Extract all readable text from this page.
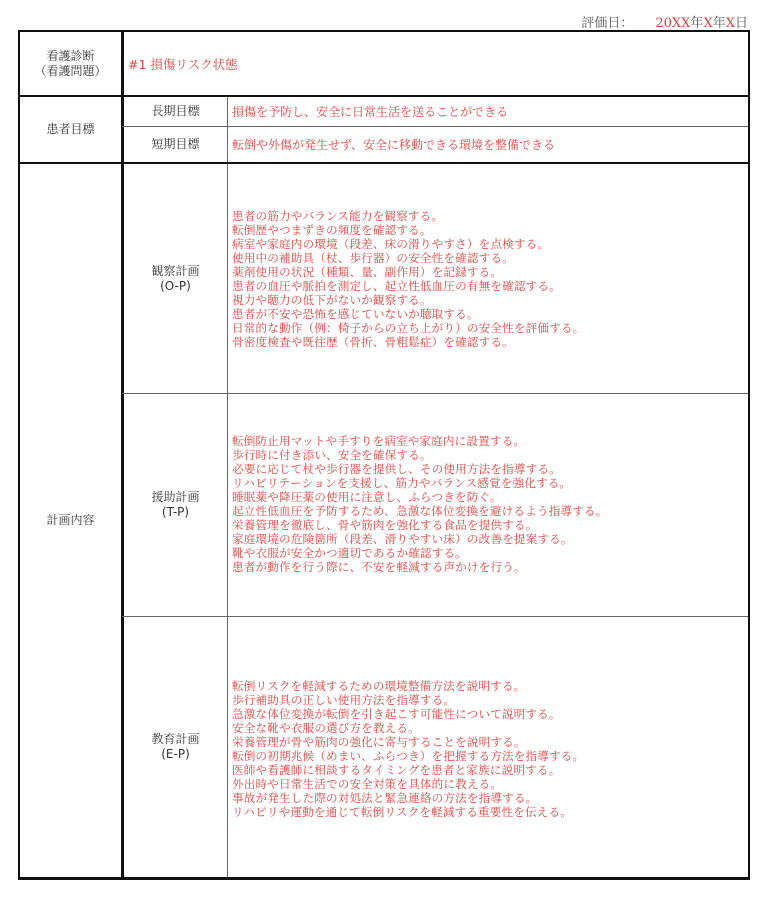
評価日： 20XX年X年X日
看護診断
（看護問題） #1 損傷リスク状態
患者目標
長期目標	損傷を予防し、安全に日常生活を送ることができる
短期目標	転倒や外傷が発生せず、安全に移動できる環境を整備できる
計画内容
観察計画
(O-P)
患者の筋力やバランス能力を観察する。
転倒歴やつまずきの頻度を確認する。
病室や家庭内の環境（段差、床の滑りやすさ）を点検する。
使用中の補助具（杖、歩行器）の安全性を確認する。
薬剤使用の状況（種類、量、副作用）を記録する。
患者の血圧や脈拍を測定し、起立性低血圧の有無を確認する。
視力や聴力の低下がないか観察する。
患者が不安や恐怖を感じていないか聴取する。
日常的な動作（例：椅子からの立ち上がり）の安全性を評価する。
骨密度検査や既往歴（骨折、骨粗鬆症）を確認する。
援助計画
(T-P)
転倒防止用マットや手すりを病室や家庭内に設置する。
歩行時に付き添い、安全を確保する。
必要に応じて杖や歩行器を提供し、その使用方法を指導する。
リハビリテーションを支援し、筋力やバランス感覚を強化する。
睡眠薬や降圧薬の使用に注意し、ふらつきを防ぐ。
起立性低血圧を予防するため、急激な体位変換を避けるよう指導する。
栄養管理を徹底し、骨や筋肉を強化する食品を提供する。
家庭環境の危険箇所（段差、滑りやすい床）の改善を提案する。
靴や衣服が安全かつ適切であるか確認する。
患者が動作を行う際に、不安を軽減する声かけを行う。
教育計画
(E-P)
転倒リスクを軽減するための環境整備方法を説明する。
歩行補助具の正しい使用方法を指導する。
急激な体位変換が転倒を引き起こす可能性について説明する。
安全な靴や衣服の選び方を教える。
栄養管理が骨や筋肉の強化に寄与することを説明する。
転倒の初期兆候（めまい、ふらつき）を把握する方法を指導する。
医師や看護師に相談するタイミングを患者と家族に説明する。
外出時や日常生活での安全対策を具体的に教える。
事故が発生した際の対処法と緊急連絡の方法を指導する。
リハビリや運動を通じて転倒リスクを軽減する重要性を伝える。
